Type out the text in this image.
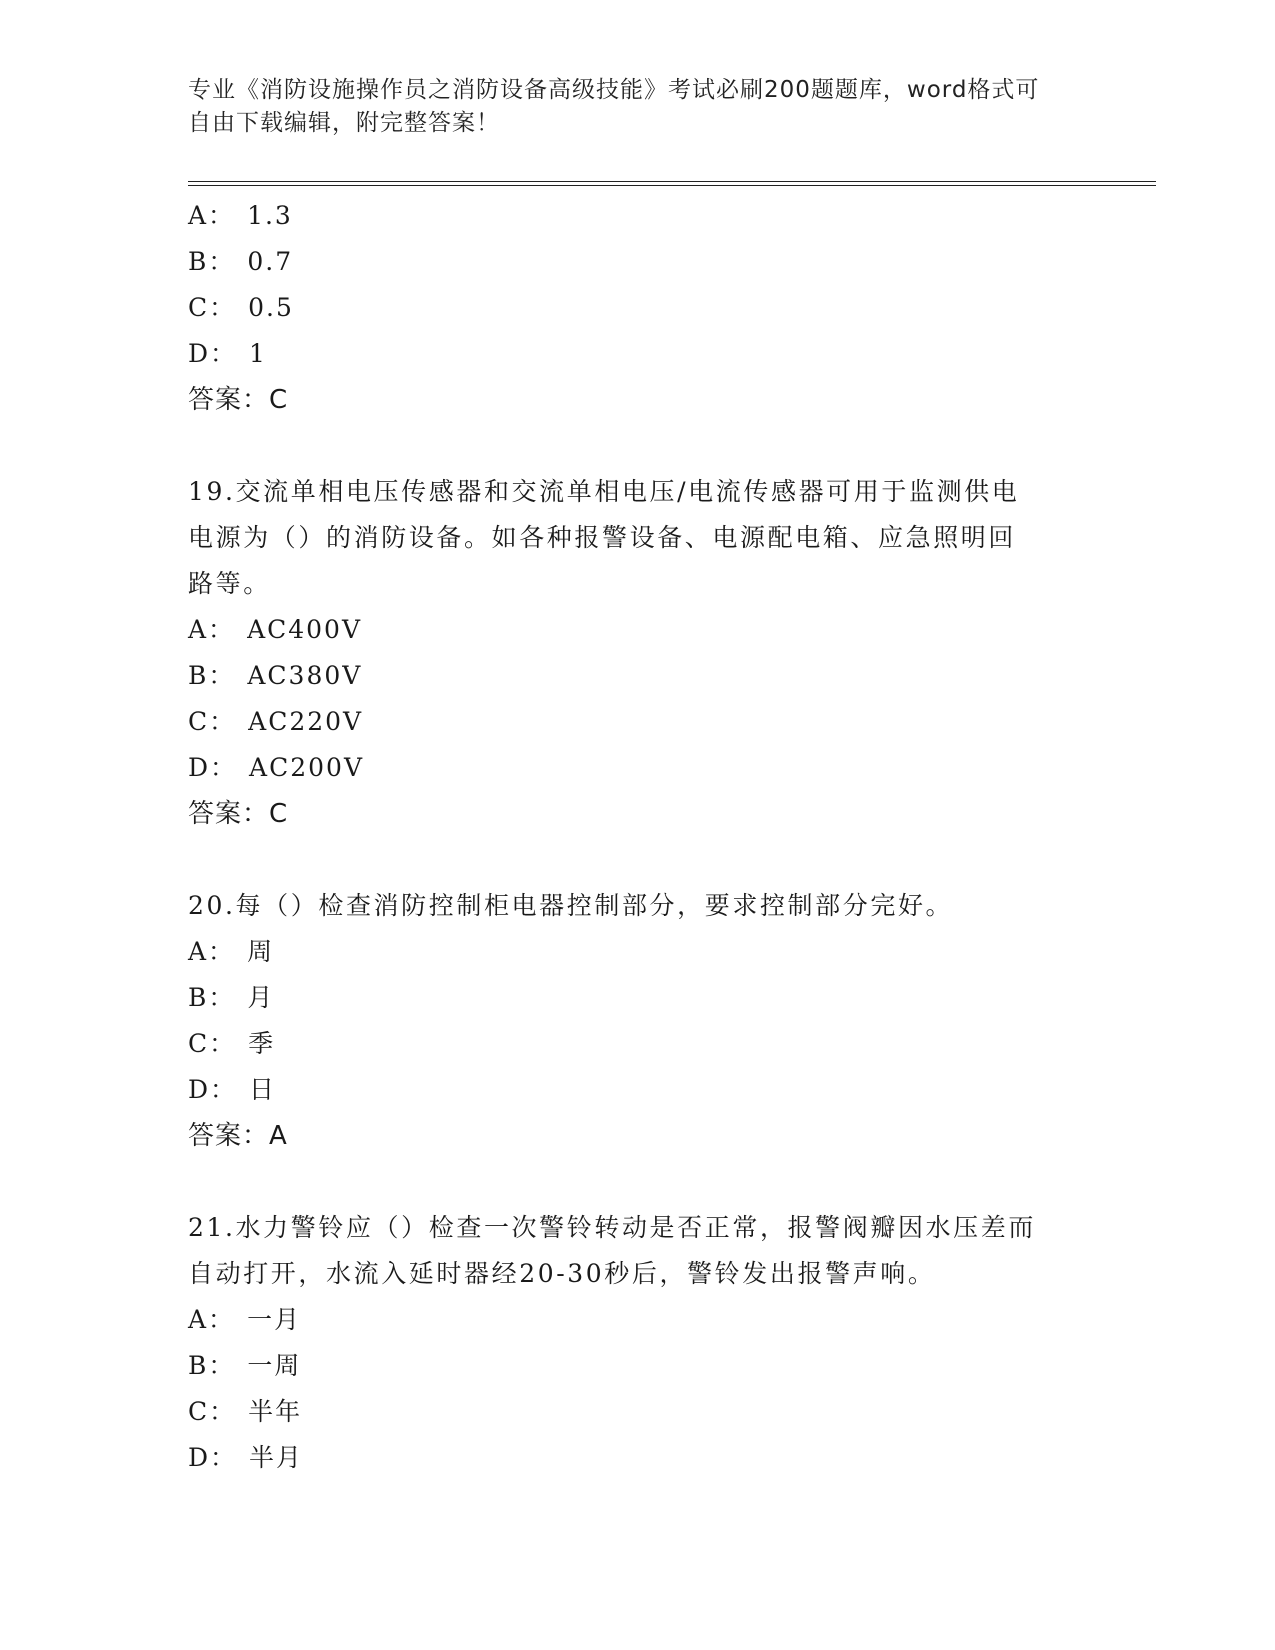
专业《消防设施操作员之消防设备高级技能》考试必刷200题题库，word格式可
自由下载编辑，附完整答案！
A： 1.3
B： 0.7
C： 0.5
D： 1
答案：C
19.交流单相电压传感器和交流单相电压/电流传感器可用于监测供电
电源为（）的消防设备。如各种报警设备、电源配电箱、应急照明回
路等。
A： AC400V
B： AC380V
C： AC220V
D： AC200V
答案：C
20.每（）检查消防控制柜电器控制部分，要求控制部分完好。
A： 周
B： 月
C： 季
D： 日
答案：A
21.水力警铃应（）检查一次警铃转动是否正常，报警阀瓣因水压差而
自动打开，水流入延时器经20-30秒后，警铃发出报警声响。
A： 一月
B： 一周
C： 半年
D： 半月
